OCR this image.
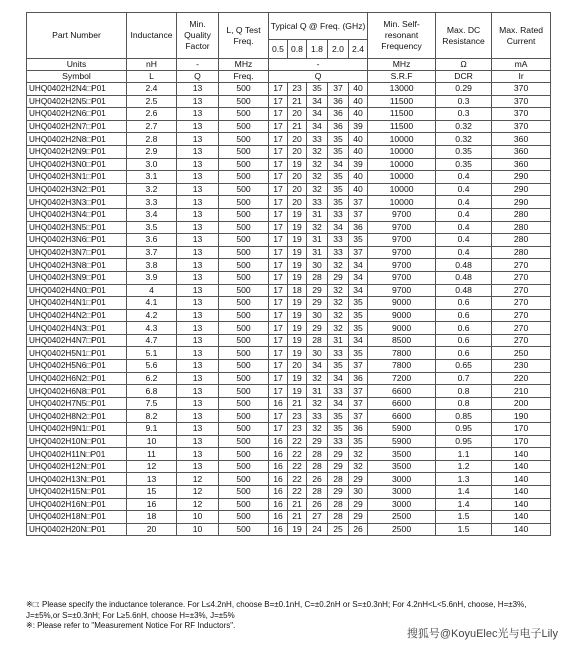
Part Number	Inductance	Min. Quality Factor	L, Q Test Freq.	Typical Q @ Freq. (GHz)					Min. Self-resonant Frequency	Max. DC Resistance	Max. Rated Current
				0.5	0.8	1.8	2.0	2.4			
Units	nH	-	MHz	-					MHz	Ω	mA
Symbol	L	Q	Freq.	Q					S.R.F	DCR	Ir
UHQ0402H2N4□P01	2.4	13	500	17	23	35	37	40	13000	0.29	370
UHQ0402H2N5□P01	2.5	13	500	17	21	34	36	40	11500	0.3	370
UHQ0402H2N6□P01	2.6	13	500	17	20	34	36	40	11500	0.3	370
UHQ0402H2N7□P01	2.7	13	500	17	21	34	36	39	11500	0.32	370
UHQ0402H2N8□P01	2.8	13	500	17	20	33	35	40	10000	0.32	360
UHQ0402H2N9□P01	2.9	13	500	17	20	32	35	40	10000	0.35	360
UHQ0402H3N0□P01	3.0	13	500	17	19	32	34	39	10000	0.35	360
UHQ0402H3N1□P01	3.1	13	500	17	20	32	35	40	10000	0.4	290
UHQ0402H3N2□P01	3.2	13	500	17	20	32	35	40	10000	0.4	290
UHQ0402H3N3□P01	3.3	13	500	17	20	33	35	37	10000	0.4	290
UHQ0402H3N4□P01	3.4	13	500	17	19	31	33	37	9700	0.4	280
UHQ0402H3N5□P01	3.5	13	500	17	19	32	34	36	9700	0.4	280
UHQ0402H3N6□P01	3.6	13	500	17	19	31	33	35	9700	0.4	280
UHQ0402H3N7□P01	3.7	13	500	17	19	31	33	37	9700	0.4	280
UHQ0402H3N8□P01	3.8	13	500	17	19	30	32	34	9700	0.48	270
UHQ0402H3N9□P01	3.9	13	500	17	19	28	29	34	9700	0.48	270
UHQ0402H4N0□P01	4	13	500	17	18	29	32	34	9700	0.48	270
UHQ0402H4N1□P01	4.1	13	500	17	19	29	32	35	9000	0.6	270
UHQ0402H4N2□P01	4.2	13	500	17	19	30	32	35	9000	0.6	270
UHQ0402H4N3□P01	4.3	13	500	17	19	29	32	35	9000	0.6	270
UHQ0402H4N7□P01	4.7	13	500	17	19	28	31	34	8500	0.6	270
UHQ0402H5N1□P01	5.1	13	500	17	19	30	33	35	7800	0.6	250
UHQ0402H5N6□P01	5.6	13	500	17	20	34	35	37	7800	0.65	230
UHQ0402H6N2□P01	6.2	13	500	17	19	32	34	36	7200	0.7	220
UHQ0402H6N8□P01	6.8	13	500	17	19	31	33	37	6600	0.8	210
UHQ0402H7N5□P01	7.5	13	500	16	21	32	34	37	6600	0.8	200
UHQ0402H8N2□P01	8.2	13	500	17	23	33	35	37	6600	0.85	190
UHQ0402H9N1□P01	9.1	13	500	17	23	32	35	36	5900	0.95	170
UHQ0402H10N□P01	10	13	500	16	22	29	33	35	5900	0.95	170
UHQ0402H11N□P01	11	13	500	16	22	28	29	32	3500	1.1	140
UHQ0402H12N□P01	12	13	500	16	22	28	29	32	3500	1.2	140
UHQ0402H13N□P01	13	12	500	16	22	26	28	29	3000	1.3	140
UHQ0402H15N□P01	15	12	500	16	22	28	29	30	3000	1.4	140
UHQ0402H16N□P01	16	12	500	16	21	26	28	29	3000	1.4	140
UHQ0402H18N□P01	18	10	500	16	21	27	28	29	2500	1.5	140
UHQ0402H20N□P01	20	10	500	16	19	24	25	26	2500	1.5	140
※□: Please specify the inductance tolerance. For L≤4.2nH, choose B=±0.1nH, C=±0.2nH or S=±0.3nH; For 4.2nH<L<5.6nH, choose, H=±3%, J=±5%,or S=±0.3nH; For L≥5.6nH, choose H=±3%, J=±5%
※: Please refer to "Measurement Notice For RF Inductors".
搜狐号@KoyuElec光与电子Lily
